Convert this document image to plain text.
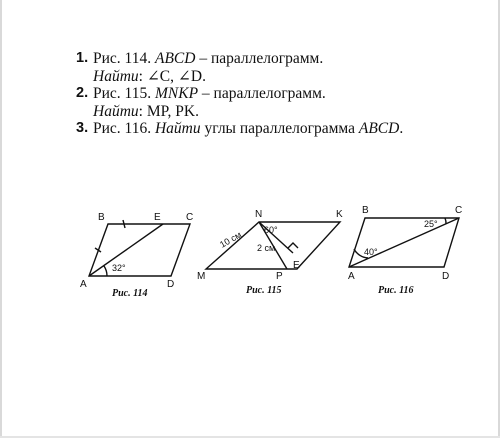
1. Рис. 114. ABCD – параллелограмм.
Найти: ∠C, ∠D.
2. Рис. 115. MNKP – параллелограмм.
Найти: MP, PK.
3. Рис. 116. Найти углы параллелограмма ABCD.
B	E	C
A	D
32°
Рис. 114
N	K
M	P
E
60°
10 см 2 см
Рис. 115
B	C
A	D
40°
25°
Рис. 116
